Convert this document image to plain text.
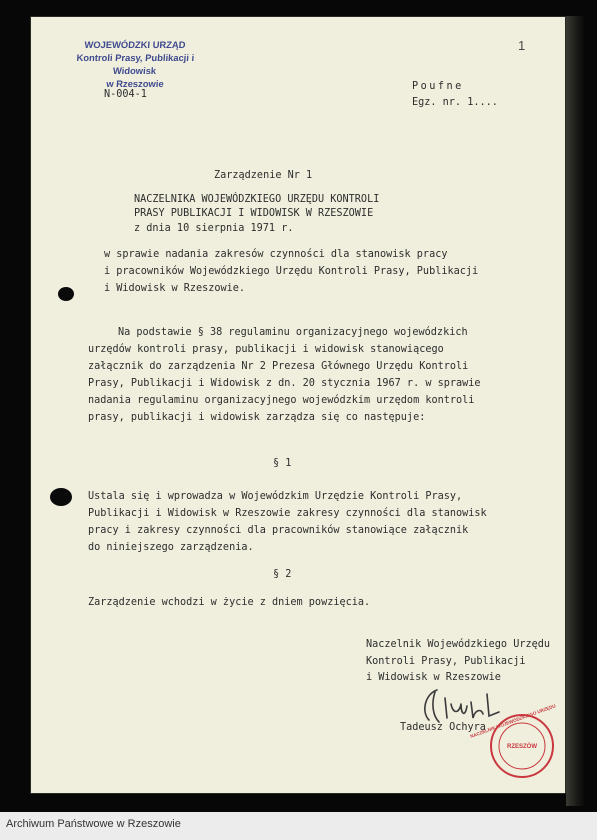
WOJEWÓDZKI URZĄD
Kontroli Prasy, Publikacji i Widowisk
w Rzeszowie
1
N-004-1
Poufne
Egz. nr. 1....
Zarządzenie Nr 1
NACZELNIKA WOJEWÓDZKIEGO URZĘDU KONTROLI
PRASY PUBLIKACJI I WIDOWISK W RZESZOWIE
z dnia 10 sierpnia 1971 r.
w sprawie nadania zakresów czynności dla stanowisk pracy
i pracowników Wojewódzkiego Urzędu Kontroli Prasy, Publikacji
i Widowisk w Rzeszowie.
Na podstawie § 38 regulaminu organizacyjnego wojewódzkich
urzędów kontroli prasy, publikacji i widowisk stanowiącego
załącznik do zarządzenia Nr 2 Prezesa Głównego Urzędu Kontroli
Prasy, Publikacji i Widowisk z dn. 20 stycznia 1967 r. w sprawie
nadania regulaminu organizacyjnego wojewódzkim urzędom kontroli
prasy, publikacji i widowisk zarządza się co następuje:
§ 1
Ustala się i wprowadza w Wojewódzkim Urzędzie Kontroli Prasy,
Publikacji i Widowisk w Rzeszowie zakresy czynności dla stanowisk
pracy i zakresy czynności dla pracowników stanowiące załącznik
do niniejszego zarządzenia.
§ 2
Zarządzenie wchodzi w życie z dniem powzięcia.
Naczelnik Wojewódzkiego Urzędu
Kontroli Prasy, Publikacji
i Widowisk w Rzeszowie
Tadeusz Ochyra
NACZELNIK WOJEWÓDZKIEGO URZĘDU
RZESZÓW
Archiwum Państwowe w Rzeszowie
